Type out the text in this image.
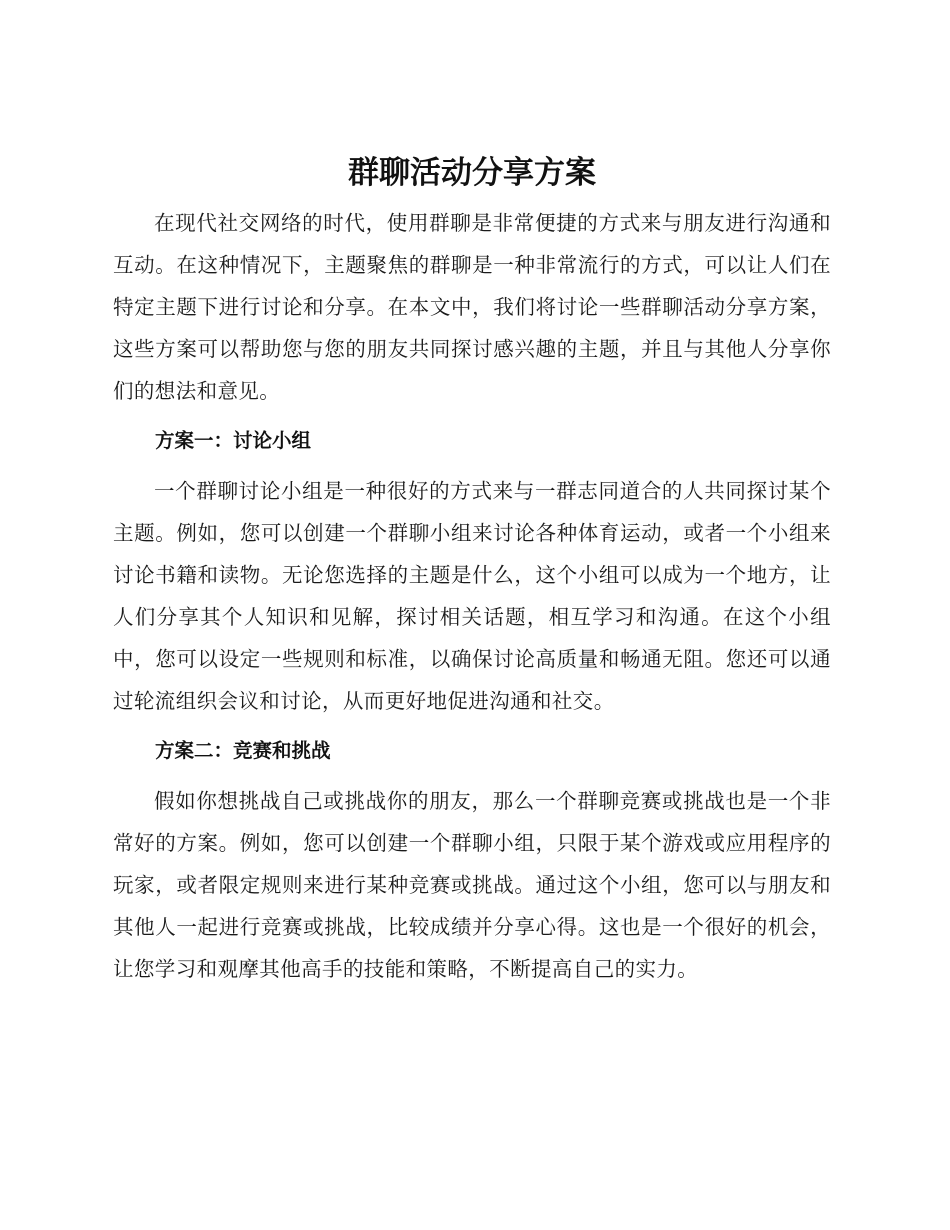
群聊活动分享方案

在现代社交网络的时代，使用群聊是非常便捷的方式来与朋友进行沟通和互动。在这种情况下，主题聚焦的群聊是一种非常流行的方式，可以让人们在特定主题下进行讨论和分享。在本文中，我们将讨论一些群聊活动分享方案，这些方案可以帮助您与您的朋友共同探讨感兴趣的主题，并且与其他人分享你们的想法和意见。

方案一：讨论小组

一个群聊讨论小组是一种很好的方式来与一群志同道合的人共同探讨某个主题。例如，您可以创建一个群聊小组来讨论各种体育运动，或者一个小组来讨论书籍和读物。无论您选择的主题是什么，这个小组可以成为一个地方，让人们分享其个人知识和见解，探讨相关话题，相互学习和沟通。在这个小组中，您可以设定一些规则和标准，以确保讨论高质量和畅通无阻。您还可以通过轮流组织会议和讨论，从而更好地促进沟通和社交。

方案二：竞赛和挑战

假如你想挑战自己或挑战你的朋友，那么一个群聊竞赛或挑战也是一个非常好的方案。例如，您可以创建一个群聊小组，只限于某个游戏或应用程序的玩家，或者限定规则来进行某种竞赛或挑战。通过这个小组，您可以与朋友和其他人一起进行竞赛或挑战，比较成绩并分享心得。这也是一个很好的机会，让您学习和观摩其他高手的技能和策略，不断提高自己的实力。
